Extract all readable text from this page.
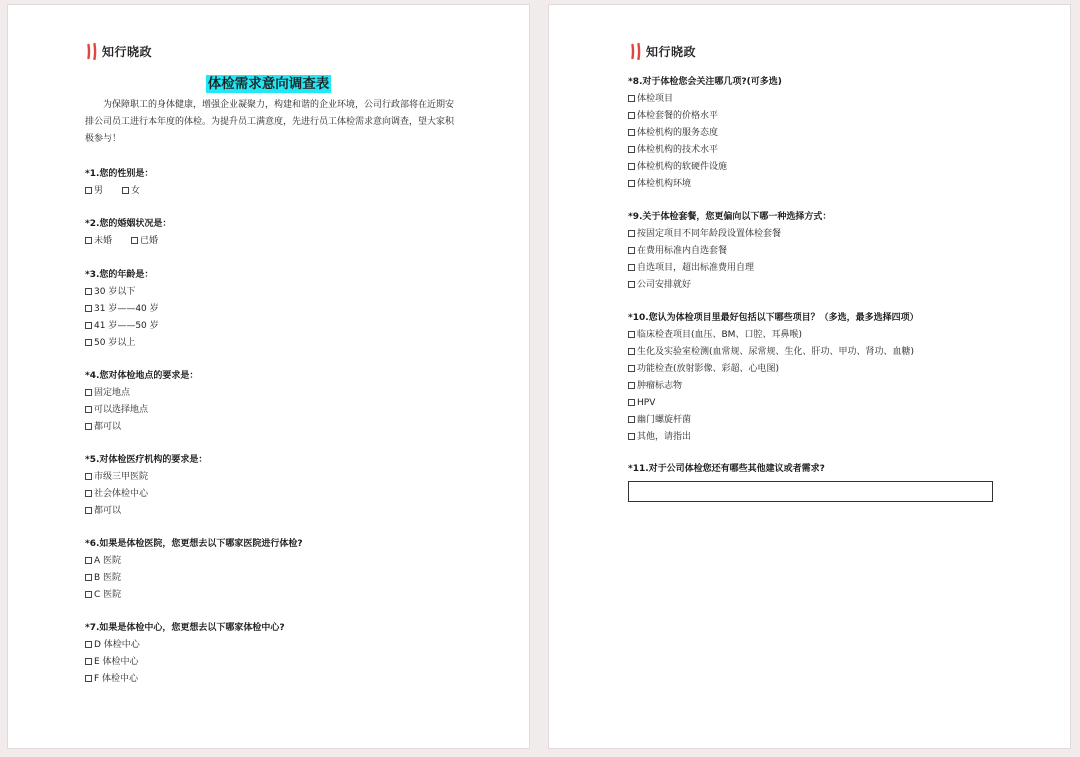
知行晓政
体检需求意向调查表
为保障职工的身体健康，增强企业凝聚力，构建和谐的企业环境，公司行政部将在近期安排公司员工进行本年度的体检。为提升员工满意度，先进行员工体检需求意向调查，望大家积极参与！
*1.您的性别是：
男	女
*2.您的婚姻状况是：
未婚	已婚
*3.您的年龄是：
30 岁以下
31 岁——40 岁
41 岁——50 岁
50 岁以上
*4.您对体检地点的要求是：
固定地点
可以选择地点
都可以
*5.对体检医疗机构的要求是：
市级三甲医院
社会体检中心
都可以
*6.如果是体检医院，您更想去以下哪家医院进行体检?
A 医院
B 医院
C 医院
*7.如果是体检中心，您更想去以下哪家体检中心?
D 体检中心
E 体检中心
F 体检中心
知行晓政
*8.对于体检您会关注哪几项?(可多选)
体检项目
体检套餐的价格水平
体检机构的服务态度
体检机构的技术水平
体检机构的软硬件设施
体检机构环境
*9.关于体检套餐，您更偏向以下哪一种选择方式：
按固定项目不同年龄段设置体检套餐
在费用标准内自选套餐
自选项目，超出标准费用自理
公司安排就好
*10.您认为体检项目里最好包括以下哪些项目？（多选，最多选择四项）
临床检查项目(血压、BM、口腔、耳鼻喉)
生化及实验室检测(血常规、尿常规、生化、肝功、甲功、肾功、血糖)
功能检查(放射影像、彩超、心电图)
肿瘤标志物
HPV
幽门螺旋杆菌
其他，请指出
*11.对于公司体检您还有哪些其他建议或者需求?
